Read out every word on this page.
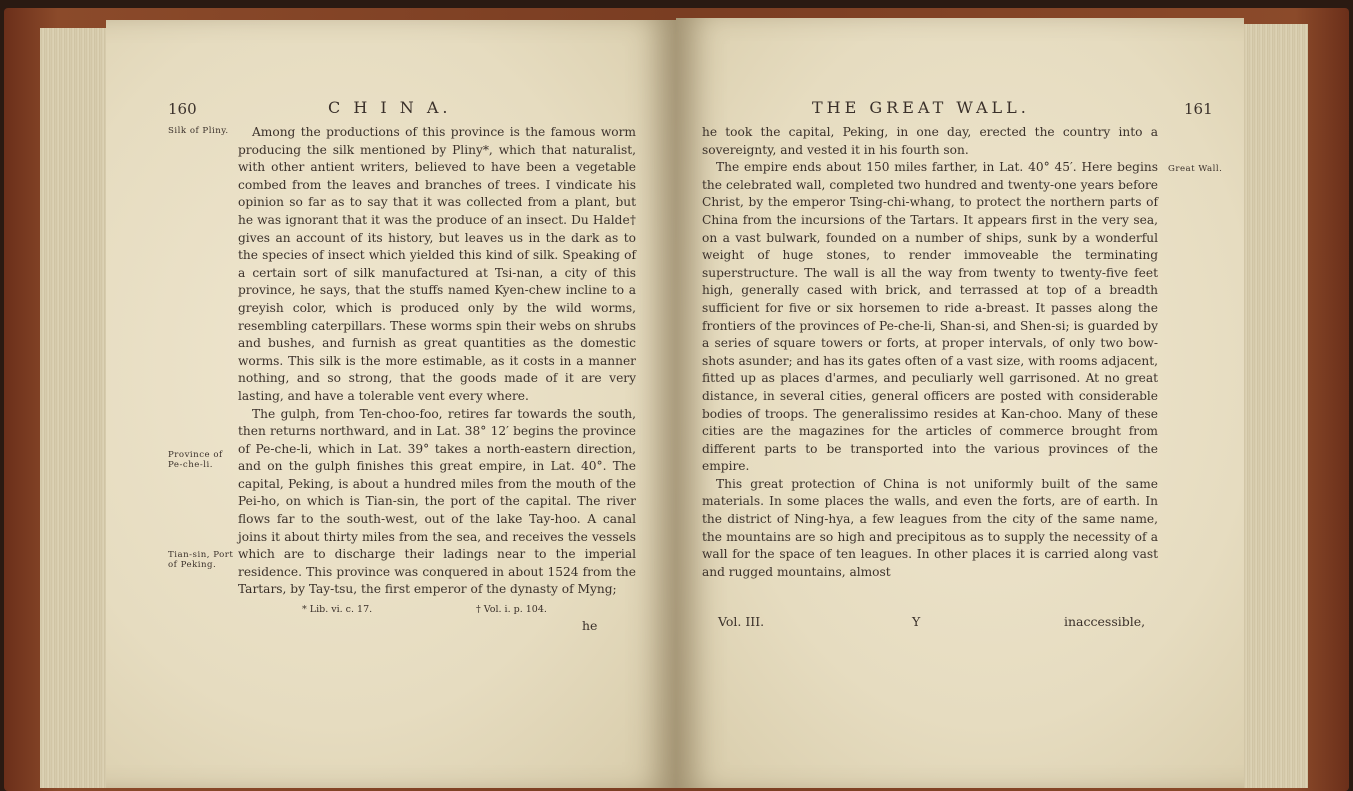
160	C H I N A.
Silk of Pliny.
Province of Pe-che-li.
Tian-sin, Port of Peking.

Among the productions of this province is the famous worm producing the silk mentioned by Pliny*, which that naturalist, with other antient writers, believed to have been a vegetable combed from the leaves and branches of trees. I vindicate his opinion so far as to say that it was collected from a plant, but he was ignorant that it was the produce of an insect. Du Halde† gives an account of its history, but leaves us in the dark as to the species of insect which yielded this kind of silk. Speaking of a certain sort of silk manufactured at Tsi-nan, a city of this province, he says, that the stuffs named Kyen-chew incline to a greyish color, which is produced only by the wild worms, resembling caterpillars. These worms spin their webs on shrubs and bushes, and furnish as great quantities as the domestic worms. This silk is the more estimable, as it costs in a manner nothing, and so strong, that the goods made of it are very lasting, and have a tolerable vent every where.

The gulph, from Ten-choo-foo, retires far towards the south, then returns northward, and in Lat. 38° 12′ begins the province of Pe-che-li, which in Lat. 39° takes a north-eastern direction, and on the gulph finishes this great empire, in Lat. 40°. The capital, Peking, is about a hundred miles from the mouth of the Pei-ho, on which is Tian-sin, the port of the capital. The river flows far to the south-west, out of the lake Tay-hoo. A canal joins it about thirty miles from the sea, and receives the vessels which are to discharge their ladings near to the imperial residence. This province was conquered in about 1524 from the Tartars, by Tay-tsu, the first emperor of the dynasty of Myng;

* Lib. vi. c. 17.	† Vol. i. p. 104.
he
THE GREAT WALL.	161
Great Wall.

he took the capital, Peking, in one day, erected the country into a sovereignty, and vested it in his fourth son.

The empire ends about 150 miles farther, in Lat. 40° 45′. Here begins the celebrated wall, completed two hundred and twenty-one years before Christ, by the emperor Tsing-chi-whang, to protect the northern parts of China from the incursions of the Tartars. It appears first in the very sea, on a vast bulwark, founded on a number of ships, sunk by a wonderful weight of huge stones, to render immoveable the terminating superstructure. The wall is all the way from twenty to twenty-five feet high, generally cased with brick, and terrassed at top of a breadth sufficient for five or six horsemen to ride a-breast. It passes along the frontiers of the provinces of Pe-che-li, Shan-si, and Shen-si; is guarded by a series of square towers or forts, at proper intervals, of only two bow-shots asunder; and has its gates often of a vast size, with rooms adjacent, fitted up as places d'armes, and peculiarly well garrisoned. At no great distance, in several cities, general officers are posted with considerable bodies of troops. The generalissimo resides at Kan-choo. Many of these cities are the magazines for the articles of commerce brought from different parts to be transported into the various provinces of the empire.

This great protection of China is not uniformly built of the same materials. In some places the walls, and even the forts, are of earth. In the district of Ning-hya, a few leagues from the city of the same name, the mountains are so high and precipitous as to supply the necessity of a wall for the space of ten leagues. In other places it is carried along vast and rugged mountains, almost

Vol. III.	Y	inaccessible,
